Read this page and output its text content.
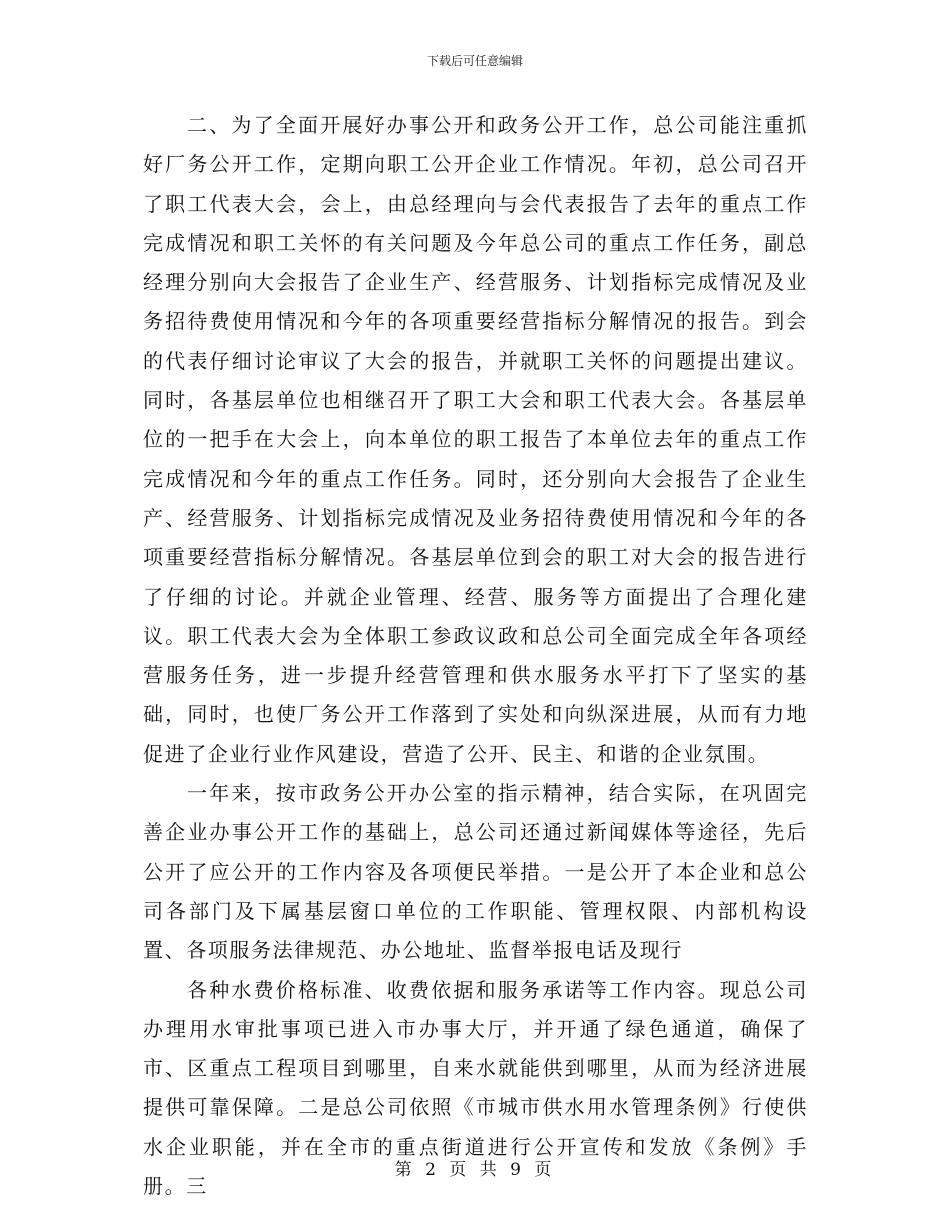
下载后可任意编辑

二、为了全面开展好办事公开和政务公开工作，总公司能注重抓好厂务公开工作，定期向职工公开企业工作情况。年初，总公司召开了职工代表大会，会上，由总经理向与会代表报告了去年的重点工作完成情况和职工关怀的有关问题及今年总公司的重点工作任务，副总经理分别向大会报告了企业生产、经营服务、计划指标完成情况及业务招待费使用情况和今年的各项重要经营指标分解情况的报告。到会的代表仔细讨论审议了大会的报告，并就职工关怀的问题提出建议。同时，各基层单位也相继召开了职工大会和职工代表大会。各基层单位的一把手在大会上，向本单位的职工报告了本单位去年的重点工作完成情况和今年的重点工作任务。同时，还分别向大会报告了企业生产、经营服务、计划指标完成情况及业务招待费使用情况和今年的各项重要经营指标分解情况。各基层单位到会的职工对大会的报告进行了仔细的讨论。并就企业管理、经营、服务等方面提出了合理化建议。职工代表大会为全体职工参政议政和总公司全面完成全年各项经营服务任务，进一步提升经营管理和供水服务水平打下了坚实的基础，同时，也使厂务公开工作落到了实处和向纵深进展，从而有力地促进了企业行业作风建设，营造了公开、民主、和谐的企业氛围。

一年来，按市政务公开办公室的指示精神，结合实际，在巩固完善企业办事公开工作的基础上，总公司还通过新闻媒体等途径，先后公开了应公开的工作内容及各项便民举措。一是公开了本企业和总公司各部门及下属基层窗口单位的工作职能、管理权限、内部机构设置、各项服务法律规范、办公地址、监督举报电话及现行

各种水费价格标准、收费依据和服务承诺等工作内容。现总公司办理用水审批事项已进入市办事大厅，并开通了绿色通道，确保了市、区重点工程项目到哪里，自来水就能供到哪里，从而为经济进展提供可靠保障。二是总公司依照《市城市供水用水管理条例》行使供水企业职能，并在全市的重点街道进行公开宣传和发放《条例》手册。三

第 2 页 共 9 页
